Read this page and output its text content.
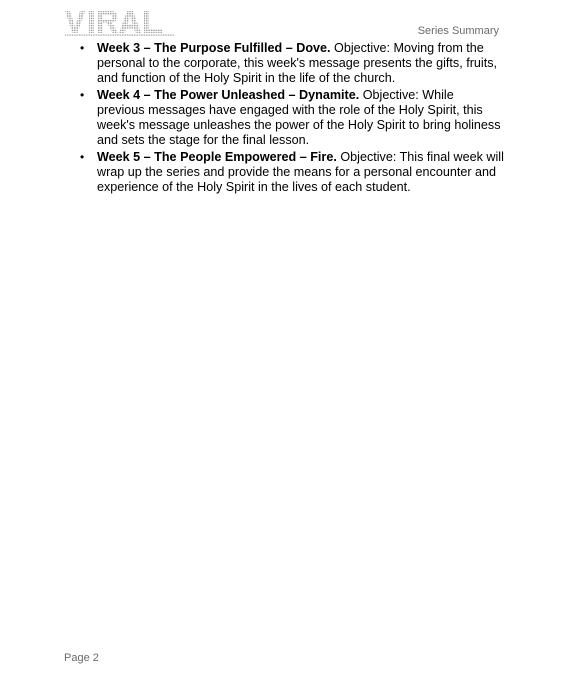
Series Summary
• Week 3 – The Purpose Fulfilled – Dove. Objective: Moving from the personal to the corporate, this week's message presents the gifts, fruits, and function of the Holy Spirit in the life of the church.
• Week 4 – The Power Unleashed – Dynamite. Objective: While previous messages have engaged with the role of the Holy Spirit, this week's message unleashes the power of the Holy Spirit to bring holiness and sets the stage for the final lesson.
• Week 5 – The People Empowered – Fire. Objective: This final week will wrap up the series and provide the means for a personal encounter and experience of the Holy Spirit in the lives of each student.
Page 2
